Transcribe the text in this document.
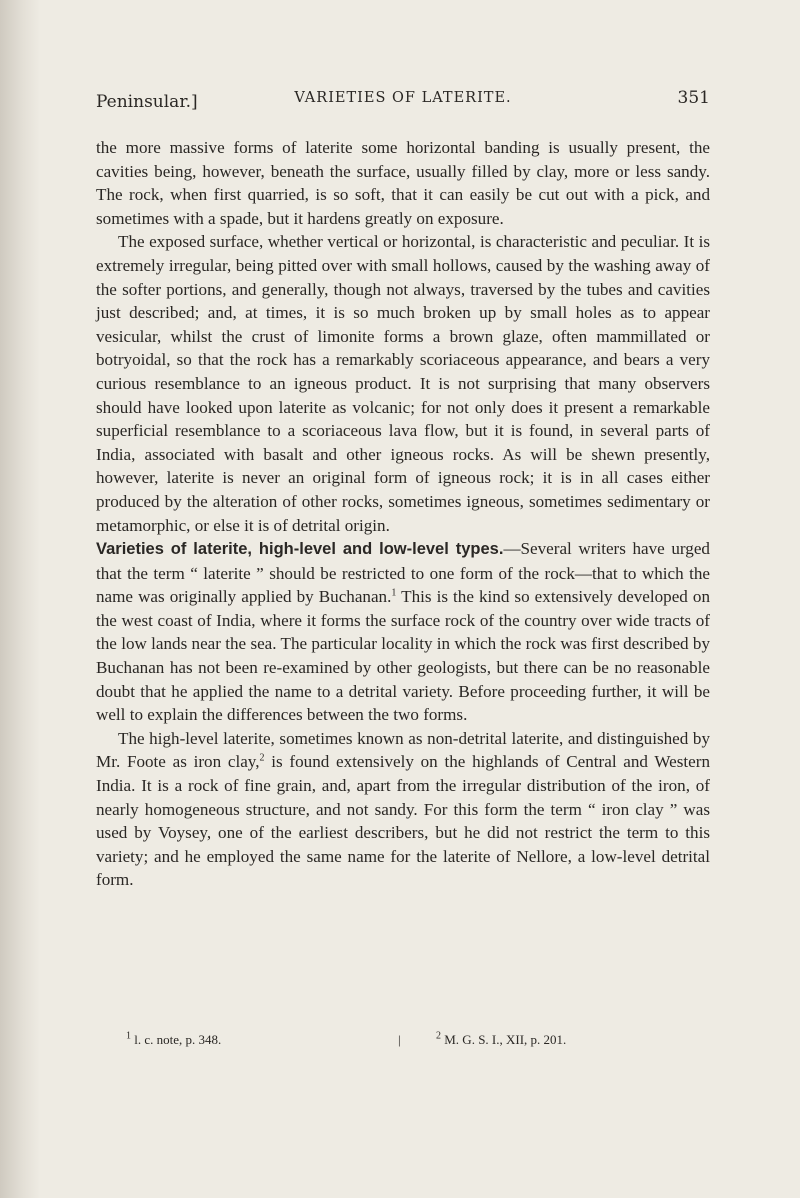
Peninsular.]	VARIETIES OF LATERITE.	351

the more massive forms of laterite some horizontal banding is usually present, the cavities being, however, beneath the surface, usually filled by clay, more or less sandy. The rock, when first quarried, is so soft, that it can easily be cut out with a pick, and sometimes with a spade, but it hardens greatly on exposure.

The exposed surface, whether vertical or horizontal, is characteristic and peculiar. It is extremely irregular, being pitted over with small hollows, caused by the washing away of the softer portions, and generally, though not always, traversed by the tubes and cavities just described; and, at times, it is so much broken up by small holes as to appear vesicular, whilst the crust of limonite forms a brown glaze, often mammillated or botryoidal, so that the rock has a remarkably scoriaceous appearance, and bears a very curious resemblance to an igneous product. It is not surprising that many observers should have looked upon laterite as volcanic; for not only does it present a remarkable superficial resemblance to a scoriaceous lava flow, but it is found, in several parts of India, associated with basalt and other igneous rocks. As will be shewn presently, however, laterite is never an original form of igneous rock; it is in all cases either produced by the alteration of other rocks, sometimes igneous, sometimes sedimentary or metamorphic, or else it is of detrital origin.

Varieties of laterite, high-level and low-level types.—Several writers have urged that the term “ laterite ” should be restricted to one form of the rock—that to which the name was originally applied by Buchanan.$^1$ This is the kind so extensively developed on the west coast of India, where it forms the surface rock of the country over wide tracts of the low lands near the sea. The particular locality in which the rock was first described by Buchanan has not been re-examined by other geologists, but there can be no reasonable doubt that he applied the name to a detrital variety. Before proceeding further, it will be well to explain the differences between the two forms.

The high-level laterite, sometimes known as non-detrital laterite, and distinguished by Mr. Foote as iron clay,$^2$ is found extensively on the highlands of Central and Western India. It is a rock of fine grain, and, apart from the irregular distribution of the iron, of nearly homogeneous structure, and not sandy. For this form the term “ iron clay ” was used by Voysey, one of the earliest describers, but he did not restrict the term to this variety; and he employed the same name for the laterite of Nellore, a low-level detrital form.

$^1$ l. c. note, p. 348.	|	$^2$ M. G. S. I., XII, p. 201.
